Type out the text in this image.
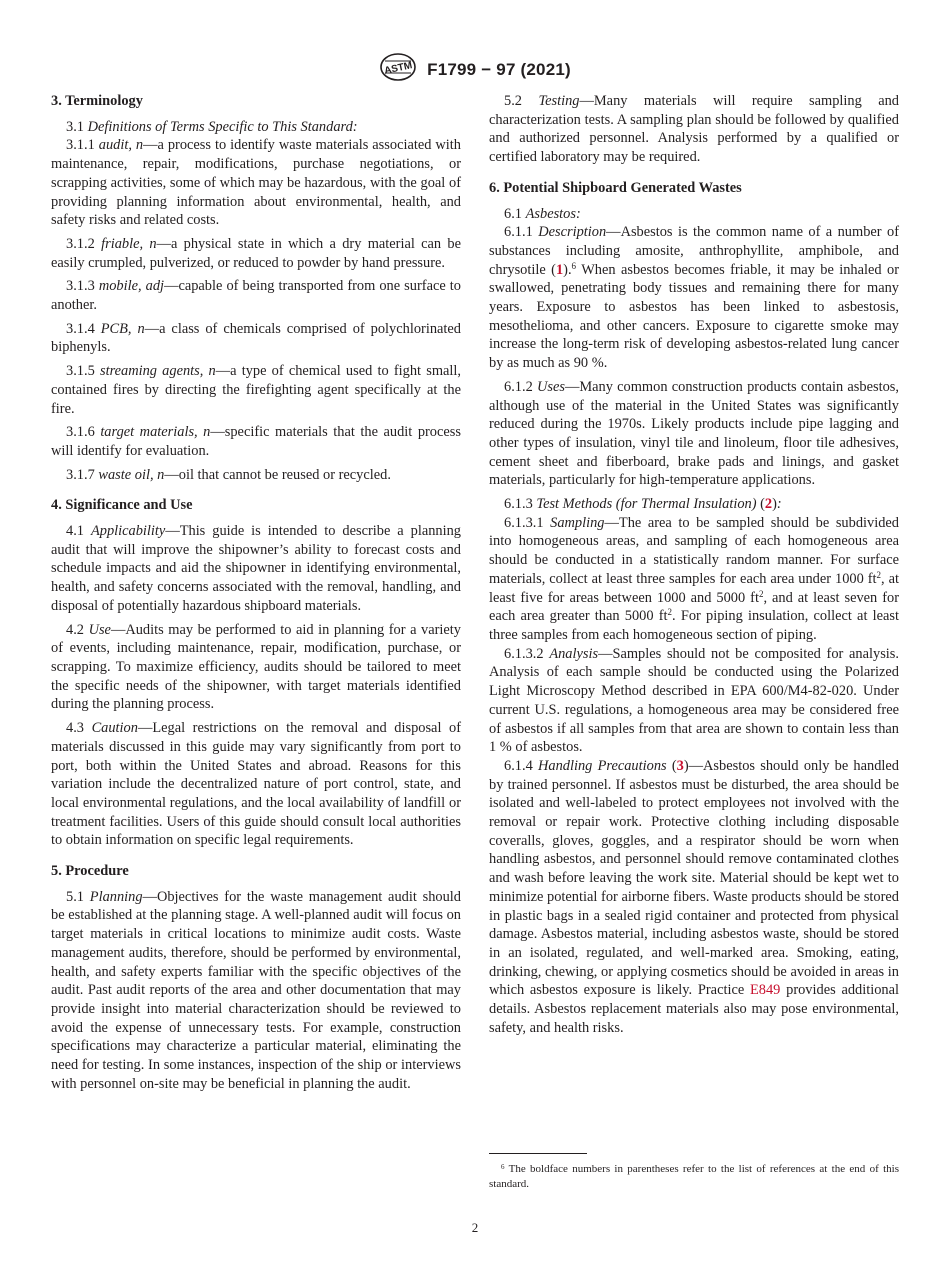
ASTM F1799 − 97 (2021)
3. Terminology

3.1 Definitions of Terms Specific to This Standard:

3.1.1 audit, n—a process to identify waste materials associated with maintenance, repair, modifications, purchase negotiations, or scrapping activities, some of which may be hazardous, with the goal of providing planning information about environmental, health, and safety risks and related costs.

3.1.2 friable, n—a physical state in which a dry material can be easily crumpled, pulverized, or reduced to powder by hand pressure.

3.1.3 mobile, adj—capable of being transported from one surface to another.

3.1.4 PCB, n—a class of chemicals comprised of polychlorinated biphenyls.

3.1.5 streaming agents, n—a type of chemical used to fight small, contained fires by directing the firefighting agent specifically at the fire.

3.1.6 target materials, n—specific materials that the audit process will identify for evaluation.

3.1.7 waste oil, n—oil that cannot be reused or recycled.

4. Significance and Use

4.1 Applicability—This guide is intended to describe a planning audit that will improve the shipowner’s ability to forecast costs and schedule impacts and aid the shipowner in identifying environmental, health, and safety concerns associated with the removal, handling, and disposal of potentially hazardous shipboard materials.

4.2 Use—Audits may be performed to aid in planning for a variety of events, including maintenance, repair, modification, purchase, or scrapping. To maximize efficiency, audits should be tailored to meet the specific needs of the shipowner, with target materials identified during the planning process.

4.3 Caution—Legal restrictions on the removal and disposal of materials discussed in this guide may vary significantly from port to port, both within the United States and abroad. Reasons for this variation include the decentralized nature of port control, state, and local environmental regulations, and the local availability of landfill or treatment facilities. Users of this guide should consult local authorities to obtain information on specific legal requirements.

5. Procedure

5.1 Planning—Objectives for the waste management audit should be established at the planning stage. A well-planned audit will focus on target materials in critical locations to minimize audit costs. Waste management audits, therefore, should be performed by environmental, health, and safety experts familiar with the specific objectives of the audit. Past audit reports of the area and other documentation that may provide insight into material characterization should be reviewed to avoid the expense of unnecessary tests. For example, construction specifications may characterize a particular material, eliminating the need for testing. In some instances, inspection of the ship or interviews with personnel on-site may be beneficial in planning the audit.

5.2 Testing—Many materials will require sampling and characterization tests. A sampling plan should be followed by qualified and authorized personnel. Analysis performed by a qualified or certified laboratory may be required.

6. Potential Shipboard Generated Wastes

6.1 Asbestos:

6.1.1 Description—Asbestos is the common name of a number of substances including amosite, anthrophyllite, amphibole, and chrysotile (1).$^6$ When asbestos becomes friable, it may be inhaled or swallowed, penetrating body tissues and remaining there for many years. Exposure to asbestos has been linked to asbestosis, mesothelioma, and other cancers. Exposure to cigarette smoke may increase the long-term risk of developing asbestos-related lung cancer by as much as 90 %.

6.1.2 Uses—Many common construction products contain asbestos, although use of the material in the United States was significantly reduced during the 1970s. Likely products include pipe lagging and other types of insulation, vinyl tile and linoleum, floor tile adhesives, cement sheet and fiberboard, brake pads and linings, and gasket materials, particularly for high-temperature applications.

6.1.3 Test Methods (for Thermal Insulation) (2):

6.1.3.1 Sampling—The area to be sampled should be subdivided into homogeneous areas, and sampling of each homogeneous area should be conducted in a statistically random manner. For surface materials, collect at least three samples for each area under 1000 $ft^2$, at least five for areas between 1000 and 5000 $ft^2$, and at least seven for each area greater than 5000 $ft^2$. For piping insulation, collect at least three samples from each homogeneous section of piping.

6.1.3.2 Analysis—Samples should not be composited for analysis. Analysis of each sample should be conducted using the Polarized Light Microscopy Method described in EPA 600/M4-82-020. Under current U.S. regulations, a homogeneous area may be considered free of asbestos if all samples from that area are shown to contain less than 1 % of asbestos.

6.1.4 Handling Precautions (3)—Asbestos should only be handled by trained personnel. If asbestos must be disturbed, the area should be isolated and well-labeled to protect employees not involved with the removal or repair work. Protective clothing including disposable coveralls, gloves, goggles, and a respirator should be worn when handling asbestos, and personnel should remove contaminated clothes and wash before leaving the work site. Material should be kept wet to minimize potential for airborne fibers. Waste products should be stored in plastic bags in a sealed rigid container and protected from physical damage. Asbestos material, including asbestos waste, should be stored in an isolated, regulated, and well-marked area. Smoking, eating, drinking, chewing, or applying cosmetics should be avoided in areas in which asbestos exposure is likely. Practice E849 provides additional details. Asbestos replacement materials also may pose environmental, safety, and health risks.

$^6$ The boldface numbers in parentheses refer to the list of references at the end of this standard.
2
